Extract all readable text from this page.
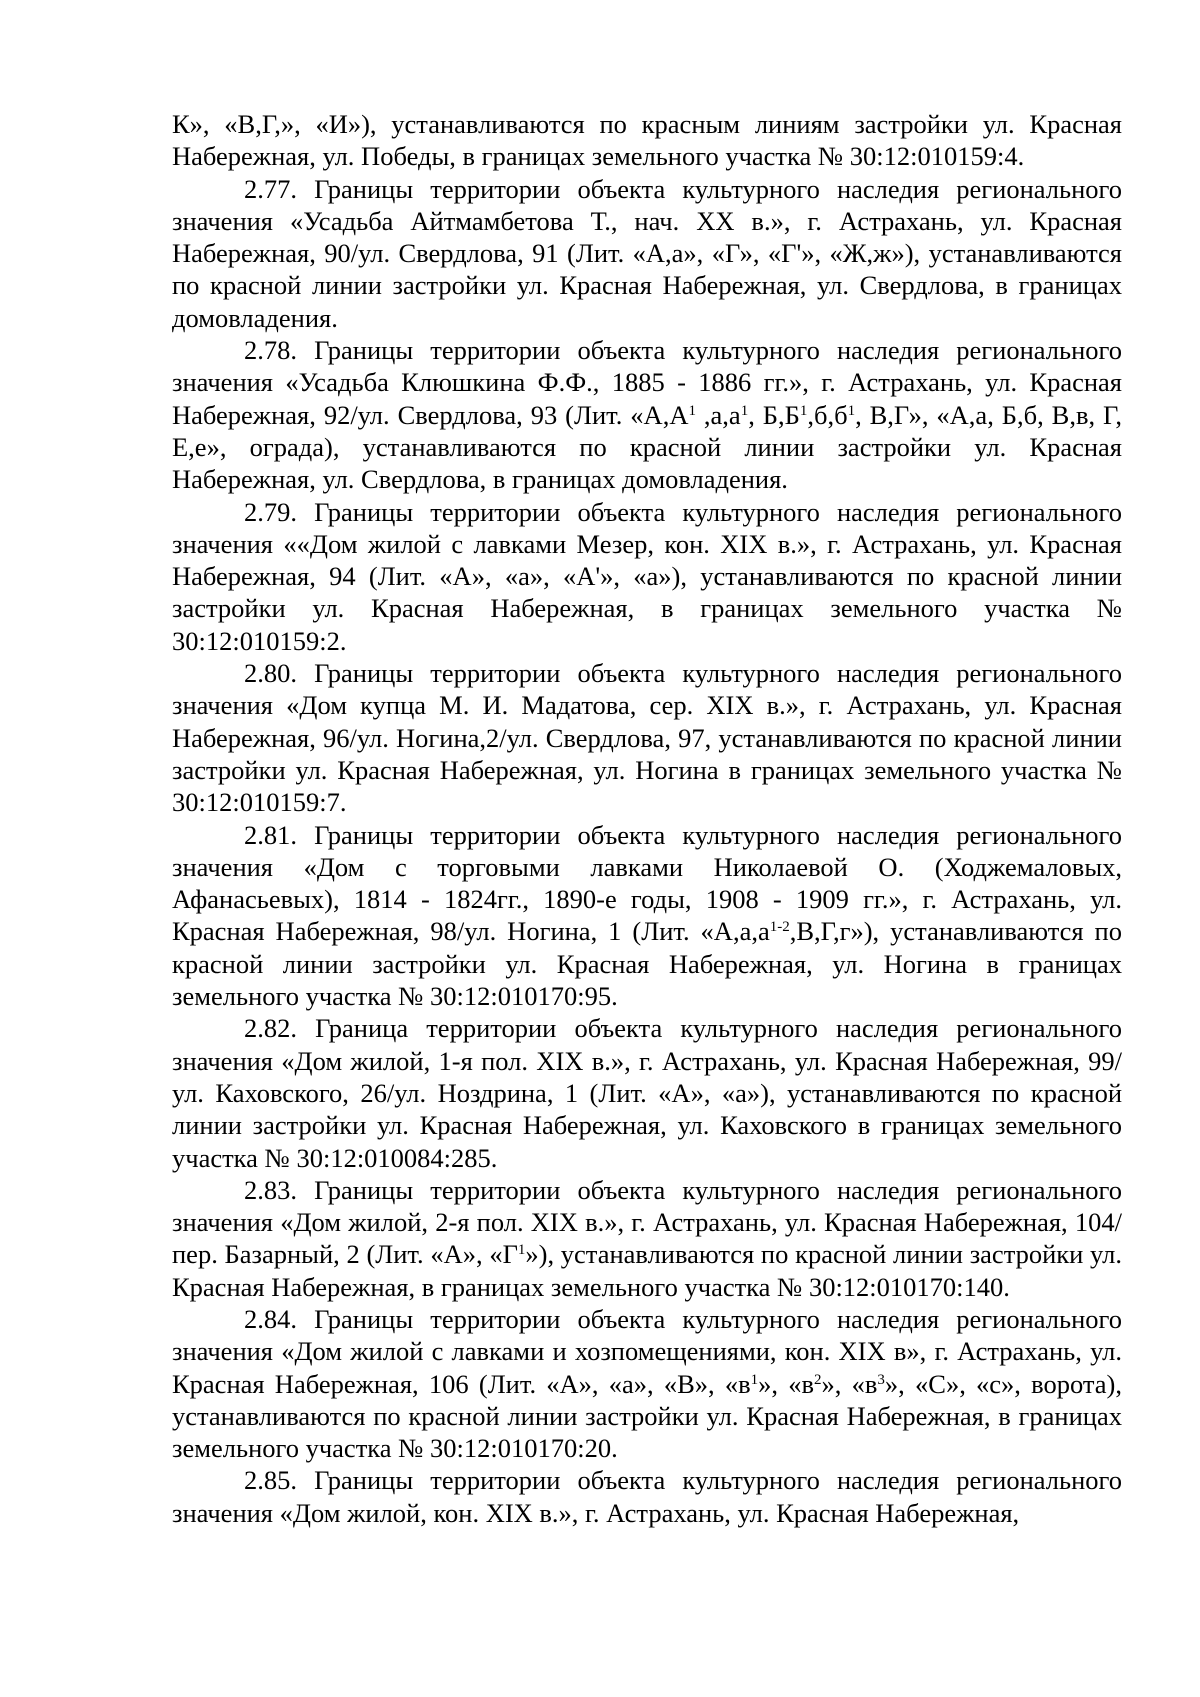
К», «В,Г,», «И»), устанавливаются по красным линиям застройки ул. Красная Набережная, ул. Победы, в границах земельного участка № 30:12:010159:4.

2.77. Границы территории объекта культурного наследия регионального значения «Усадьба Айтмамбетова Т., нач. XX в.», г. Астрахань, ул. Красная Набережная, 90/ул. Свердлова, 91 (Лит. «А,а», «Г», «Г'», «Ж,ж»), устанавливаются по красной линии застройки ул. Красная Набережная, ул. Свердлова, в границах домовладения.

2.78. Границы территории объекта культурного наследия регионального значения «Усадьба Клюшкина Ф.Ф., 1885 - 1886 гг.», г. Астрахань, ул. Красная Набережная, 92/ул. Свердлова, 93 (Лит. «$А,А^1$ $,а,а^1$, $Б,Б^1,б,б^1$, В,Г», «А,а, Б,б, В,в, Г, Е,е», ограда), устанавливаются по красной линии застройки ул. Красная Набережная, ул. Свердлова, в границах домовладения.

2.79. Границы территории объекта культурного наследия регионального значения ««Дом жилой с лавками Мезер, кон. XIX в.», г. Астрахань, ул. Красная Набережная, 94 (Лит. «А», «а», «А'», «а»), устанавливаются по красной линии застройки ул. Красная Набережная, в границах земельного участка № 30:12:010159:2.

2.80. Границы территории объекта культурного наследия регионального значения «Дом купца М. И. Мадатова, сер. XIX в.», г. Астрахань, ул. Красная Набережная, 96/ул. Ногина,2/ул. Свердлова, 97, устанавливаются по красной линии застройки ул. Красная Набережная, ул. Ногина в границах земельного участка № 30:12:010159:7.

2.81. Границы территории объекта культурного наследия регионального значения «Дом с торговыми лавками Николаевой О. (Ходжемаловых, Афанасьевых), 1814 - 1824гг., 1890-е годы, 1908 - 1909 гг.», г. Астрахань, ул. Красная Набережная, 98/ул. Ногина, 1 (Лит. «$А,а,а^{1-2},В,Г,г$»), устанавливаются по красной линии застройки ул. Красная Набережная, ул. Ногина в границах земельного участка № 30:12:010170:95.

2.82. Граница территории объекта культурного наследия регионального значения «Дом жилой, 1-я пол. XIX в.», г. Астрахань, ул. Красная Набережная, 99/ул. Каховского, 26/ул. Ноздрина, 1 (Лит. «А», «а»), устанавливаются по красной линии застройки ул. Красная Набережная, ул. Каховского в границах земельного участка № 30:12:010084:285.

2.83. Границы территории объекта культурного наследия регионального значения «Дом жилой, 2-я пол. XIX в.», г. Астрахань, ул. Красная Набережная, 104/пер. Базарный, 2 (Лит. «А», «$Г^1$»), устанавливаются по красной линии застройки ул. Красная Набережная, в границах земельного участка № 30:12:010170:140.

2.84. Границы территории объекта культурного наследия регионального значения «Дом жилой с лавками и хозпомещениями, кон. XIX в», г. Астрахань, ул. Красная Набережная, 106 (Лит. «А», «а», «В», «$в^1$», «$в^2$», «$в^3$», «С», «с», ворота), устанавливаются по красной линии застройки ул. Красная Набережная, в границах земельного участка № 30:12:010170:20.

2.85. Границы территории объекта культурного наследия регионального значения «Дом жилой, кон. XIX в.», г. Астрахань, ул. Красная Набережная,
